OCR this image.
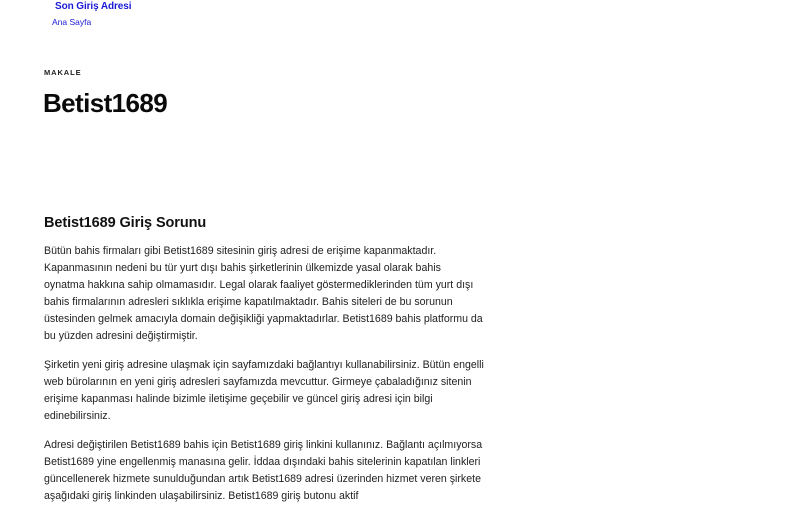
Son Giriş Adresi
Ana Sayfa
MAKALE
Betist1689
Betist1689 Giriş Sorunu

Bütün bahis firmaları gibi Betist1689 sitesinin giriş adresi de erişime kapanmaktadır. Kapanmasının nedeni bu tür yurt dışı bahis şirketlerinin ülkemizde yasal olarak bahis oynatma hakkına sahip olmamasıdır. Legal olarak faaliyet göstermediklerinden tüm yurt dışı bahis firmalarının adresleri sıklıkla erişime kapatılmaktadır. Bahis siteleri de bu sorunun üstesinden gelmek amacıyla domain değişikliği yapmaktadırlar. Betist1689 bahis platformu da bu yüzden adresini değiştirmiştir.

Şirketin yeni giriş adresine ulaşmak için sayfamızdaki bağlantıyı kullanabilirsiniz. Bütün engelli web bürolarının en yeni giriş adresleri sayfamızda mevcuttur. Girmeye çabaladığınız sitenin erişime kapanması halinde bizimle iletişime geçebilir ve güncel giriş adresi için bilgi edinebilirsiniz.

Adresi değiştirilen Betist1689 bahis için Betist1689 giriş linkini kullanınız. Bağlantı açılmıyorsa Betist1689 yine engellenmiş manasına gelir. İddaa dışındaki bahis sitelerinin kapatılan linkleri güncellenerek hizmete sunulduğundan artık Betist1689 adresi üzerinden hizmet veren şirkete aşağıdaki giriş linkinden ulaşabilirsiniz. Betist1689 giriş butonu aktif
